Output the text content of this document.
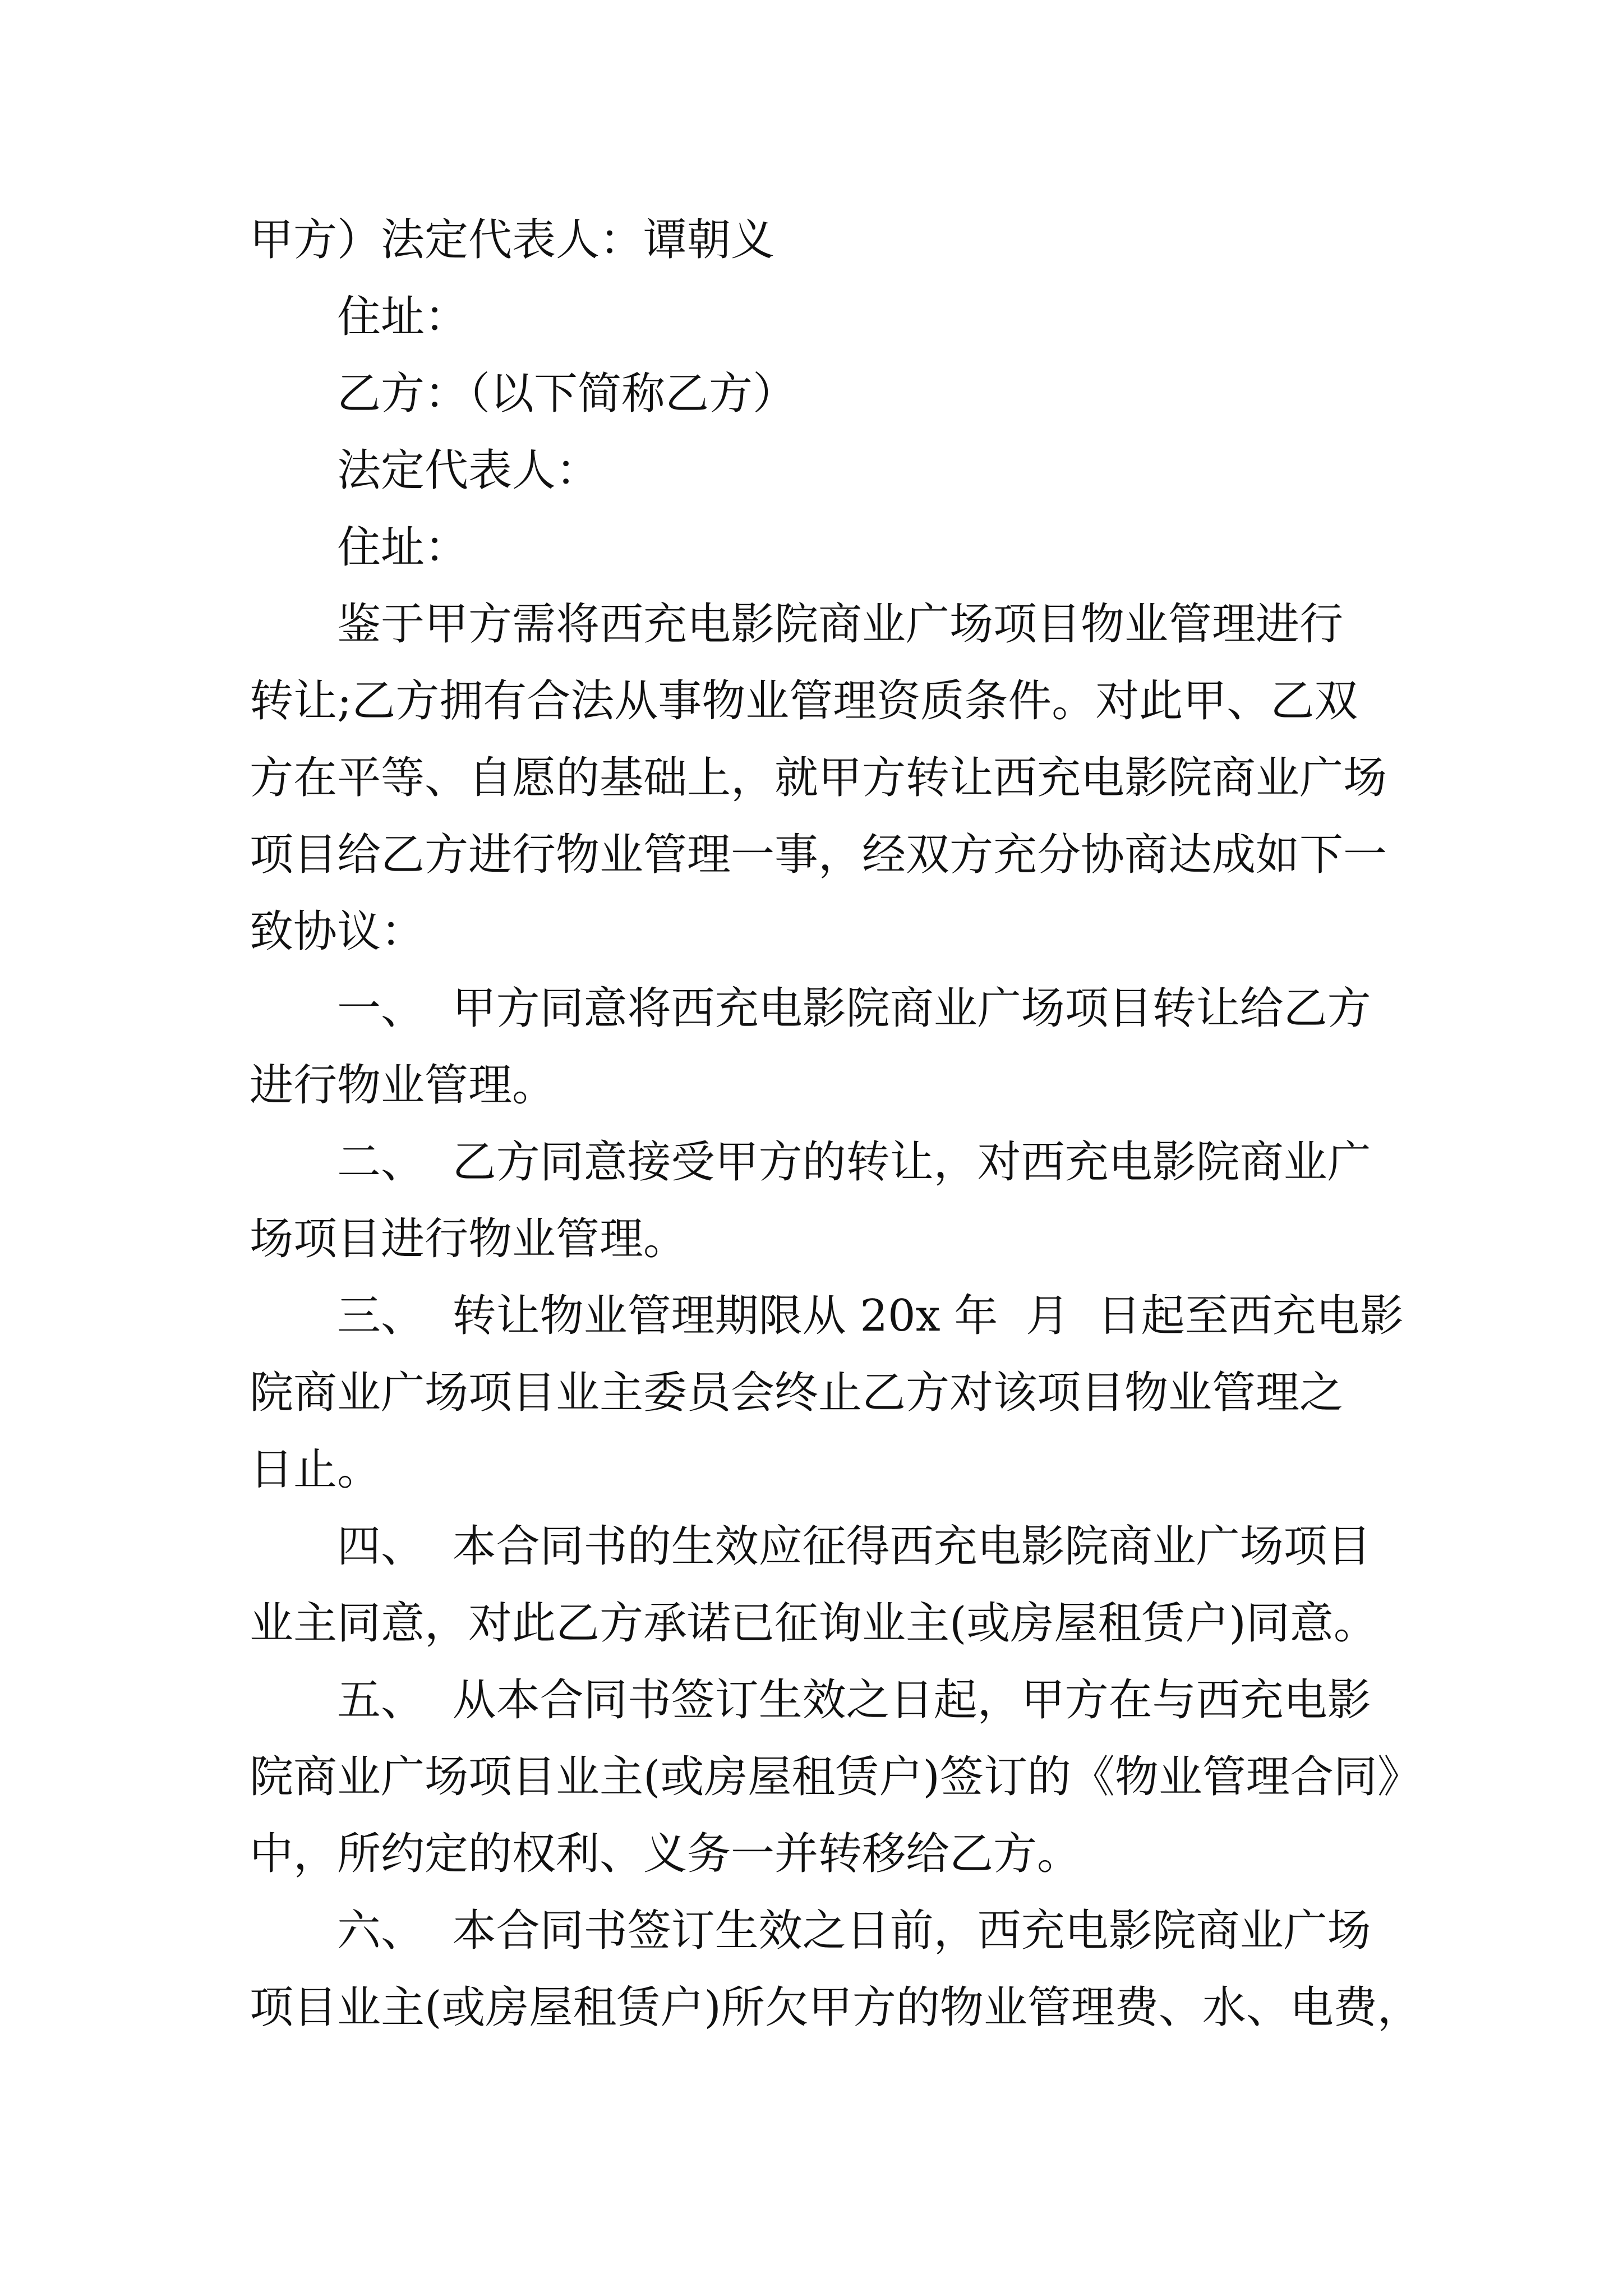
甲方）法定代表人：谭朝义
住址：
乙方：（以下简称乙方）
法定代表人：
住址：
鉴于甲方需将西充电影院商业广场项目物业管理进行
转让;乙方拥有合法从事物业管理资质条件。对此甲、乙双
方在平等、自愿的基础上，就甲方转让西充电影院商业广场
项目给乙方进行物业管理一事，经双方充分协商达成如下一
致协议：
一、  甲方同意将西充电影院商业广场项目转让给乙方
进行物业管理。
二、  乙方同意接受甲方的转让，对西充电影院商业广
场项目进行物业管理。
三、  转让物业管理期限从 20x 年  月  日起至西充电影
院商业广场项目业主委员会终止乙方对该项目物业管理之
日止。
四、  本合同书的生效应征得西充电影院商业广场项目
业主同意，对此乙方承诺已征询业主(或房屋租赁户)同意。
五、  从本合同书签订生效之日起，甲方在与西充电影
院商业广场项目业主(或房屋租赁户)签订的《物业管理合同》
中，所约定的权利、义务一并转移给乙方。
六、  本合同书签订生效之日前，西充电影院商业广场
项目业主(或房屋租赁户)所欠甲方的物业管理费、水、电费，
